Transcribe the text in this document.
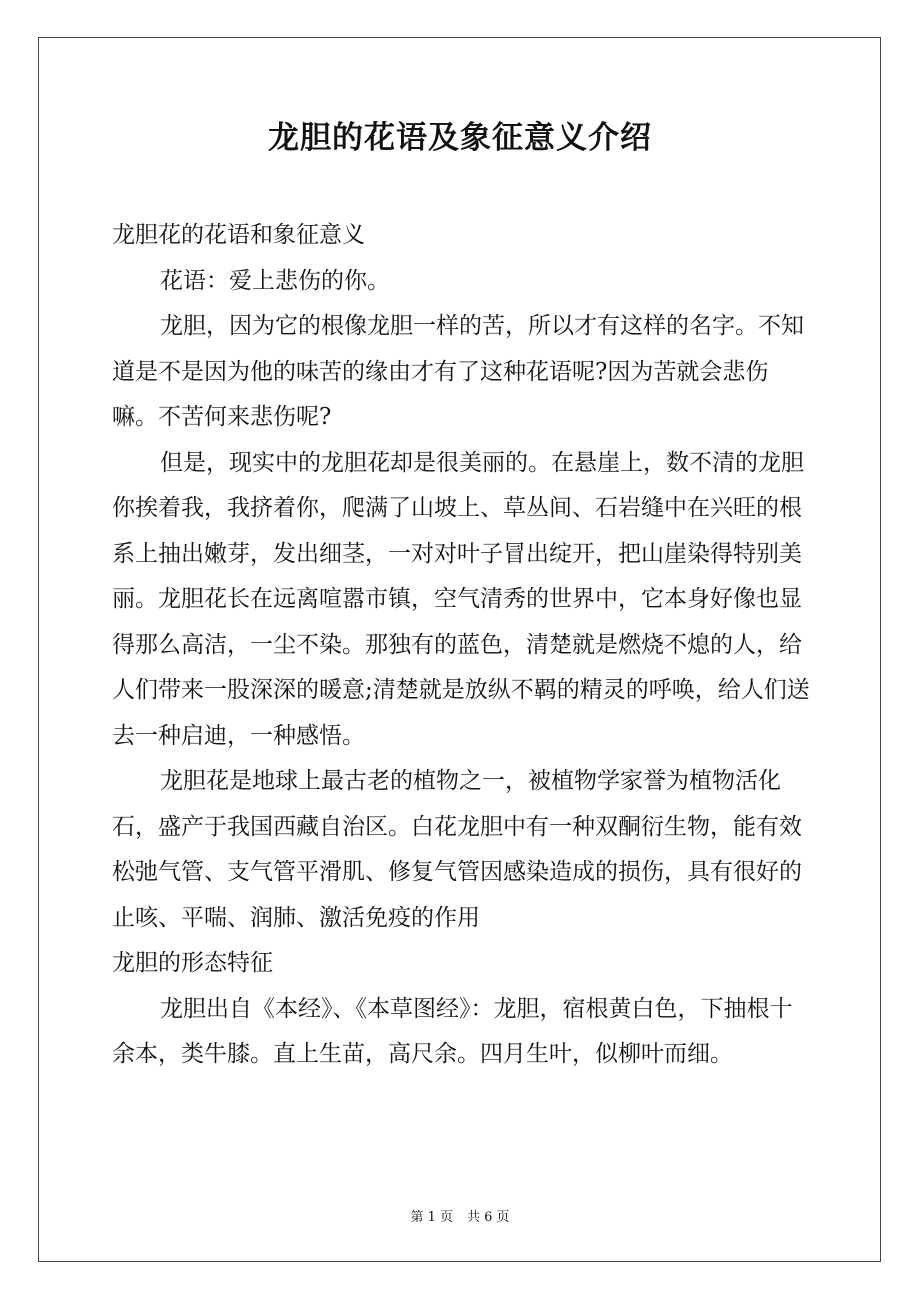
龙胆的花语及象征意义介绍

龙胆花的花语和象征意义

花语：爱上悲伤的你。

龙胆，因为它的根像龙胆一样的苦，所以才有这样的名字。不知道是不是因为他的味苦的缘由才有了这种花语呢?因为苦就会悲伤嘛。不苦何来悲伤呢?

但是，现实中的龙胆花却是很美丽的。在悬崖上，数不清的龙胆你挨着我，我挤着你，爬满了山坡上、草丛间、石岩缝中在兴旺的根系上抽出嫩芽，发出细茎，一对对叶子冒出绽开，把山崖染得特别美丽。龙胆花长在远离喧嚣市镇，空气清秀的世界中，它本身好像也显得那么高洁，一尘不染。那独有的蓝色，清楚就是燃烧不熄的人，给人们带来一股深深的暖意;清楚就是放纵不羁的精灵的呼唤，给人们送去一种启迪，一种感悟。

龙胆花是地球上最古老的植物之一，被植物学家誉为植物活化石，盛产于我国西藏自治区。白花龙胆中有一种双酮衍生物，能有效松弛气管、支气管平滑肌、修复气管因感染造成的损伤，具有很好的止咳、平喘、润肺、激活免疫的作用

龙胆的形态特征

龙胆出自《本经》、《本草图经》：龙胆，宿根黄白色，下抽根十余本，类牛膝。直上生苗，高尺余。四月生叶，似柳叶而细。

第 1 页 共 6 页
